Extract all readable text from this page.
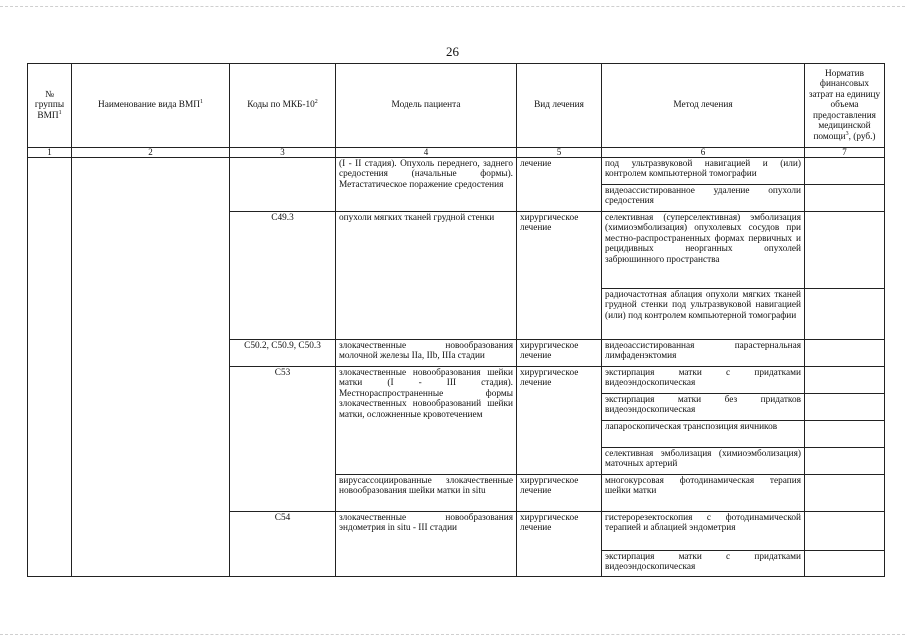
26
№ группы ВМП$^1$	Наименование вида ВМП$^1$	Коды по МКБ-$10^2$	Модель пациента	Вид лечения	Метод лечения	Норматив финансовых затрат на единицу объема предоставления медицинской помощи$^3$, (руб.)
1	2	3	4	5	6	7
			(I - II стадия). Опухоль переднего, заднего средостения (начальные формы). Метастатическое поражение средостения	лечение	под ультразвуковой навигацией и (или) контролем компьютерной томографии	
					видеоассистированное удаление опухоли средостения	
		С49.3	опухоли мягких тканей грудной стенки	хирургическое лечение	селективная (суперселективная) эмболизация (химиоэмболизация) опухолевых сосудов при местно-распространенных формах первичных и рецидивных неорганных опухолей забрюшинного пространства	
					радиочастотная аблация опухоли мягких тканей грудной стенки под ультразвуковой навигацией (или) под контролем компьютерной томографии	
		С50.2, С50.9, С50.3	злокачественные новообразования молочной железы IIa, IIb, IIIa стадии	хирургическое лечение	видеоассистированная парастернальная лимфаденэктомия	
		С53	злокачественные новообразования шейки матки (I - III стадия). Местнораспространенные формы злокачественных новообразований шейки матки, осложненные кровотечением	хирургическое лечение	экстирпация матки с придатками видеоэндоскопическая	
					экстирпация матки без придатков видеоэндоскопическая	
					лапароскопическая транспозиция яичников	
					селективная эмболизация (химиоэмболизация) маточных артерий	
			вирусассоциированные злокачественные новообразования шейки матки in situ	хирургическое лечение	многокурсовая фотодинамическая терапия шейки матки	
		С54	злокачественные новообразования эндометрия in situ - III стадии	хирургическое лечение	гистерорезектоскопия с фотодинамической терапией и аблацией эндометрия	
					экстирпация матки с придатками видеоэндоскопическая	
